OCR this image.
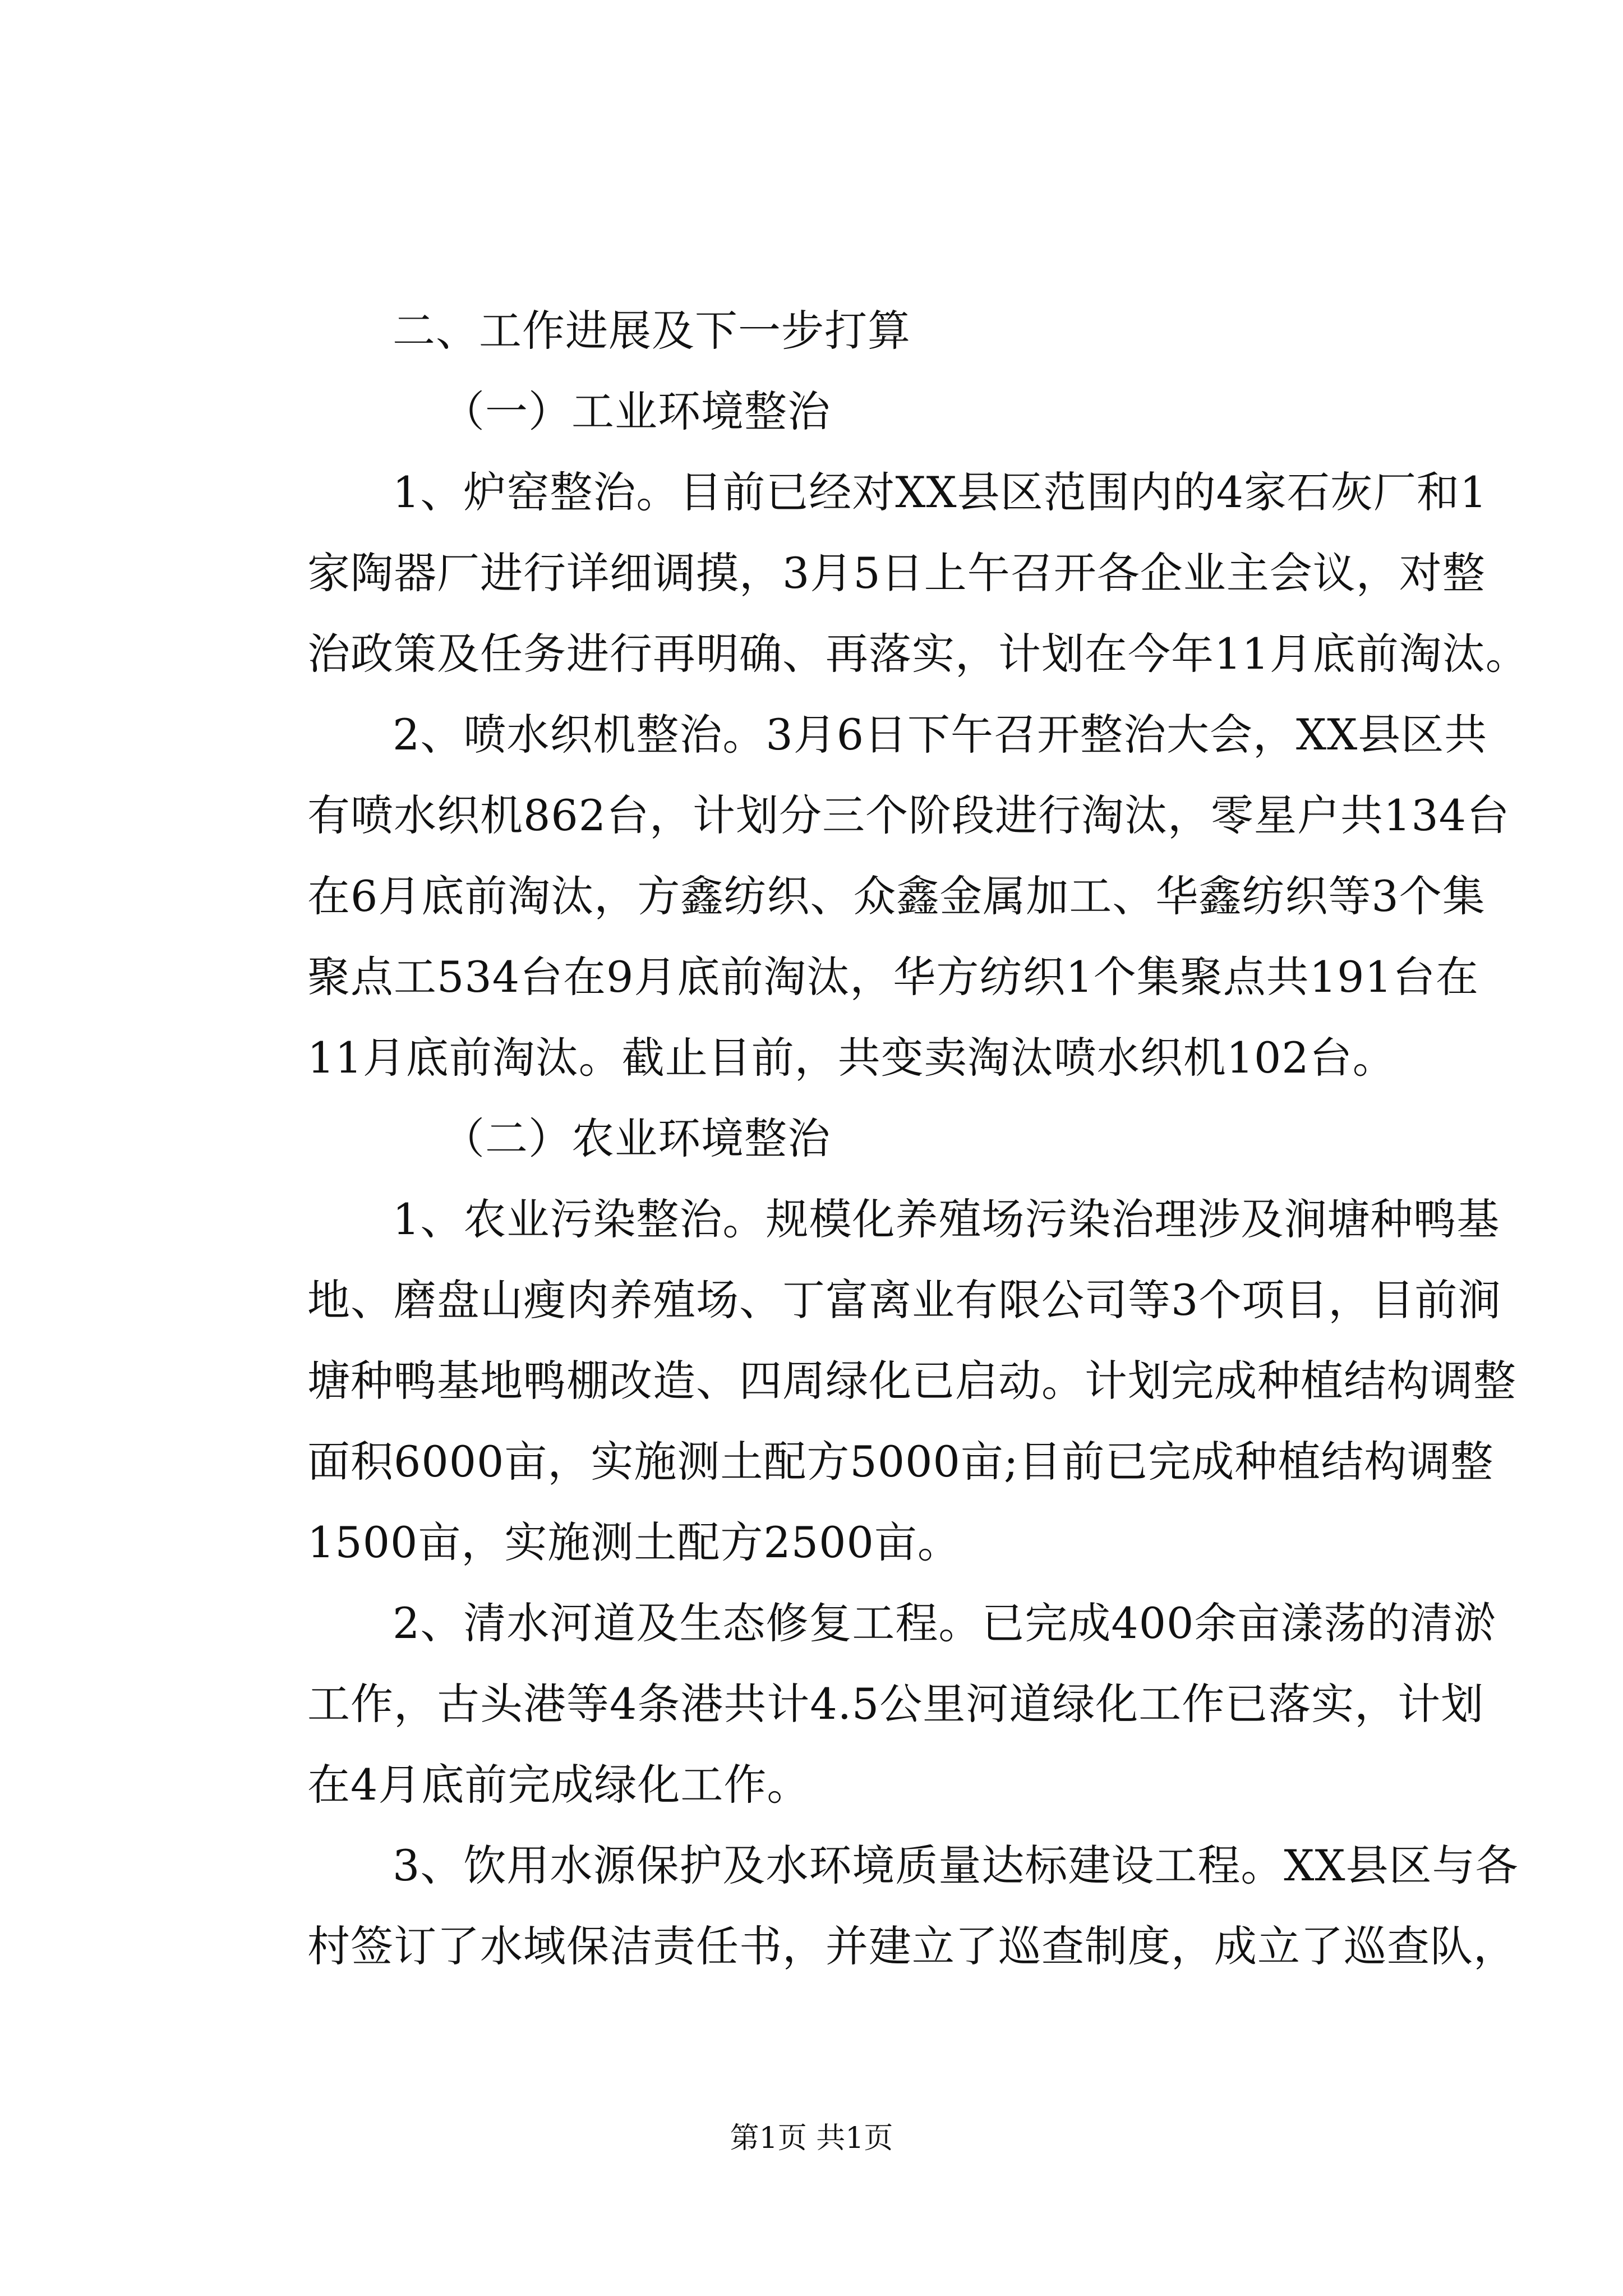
二、工作进展及下一步打算
（一）工业环境整治
1、炉窑整治。目前已经对XX县区范围内的4家石灰厂和1
家陶器厂进行详细调摸，3月5日上午召开各企业主会议，对整
治政策及任务进行再明确、再落实，计划在今年11月底前淘汰。
2、喷水织机整治。3月6日下午召开整治大会，XX县区共
有喷水织机862台，计划分三个阶段进行淘汰，零星户共134台
在6月底前淘汰，方鑫纺织、众鑫金属加工、华鑫纺织等3个集
聚点工534台在9月底前淘汰，华方纺织1个集聚点共191台在
11月底前淘汰。截止目前，共变卖淘汰喷水织机102台。
（二）农业环境整治
1、农业污染整治。规模化养殖场污染治理涉及涧塘种鸭基
地、磨盘山瘦肉养殖场、丁富离业有限公司等3个项目，目前涧
塘种鸭基地鸭棚改造、四周绿化已启动。计划完成种植结构调整
面积6000亩，实施测土配方5000亩;目前已完成种植结构调整
1500亩，实施测土配方2500亩。
2、清水河道及生态修复工程。已完成400余亩漾荡的清淤
工作，古头港等4条港共计4.5公里河道绿化工作已落实，计划
在4月底前完成绿化工作。
3、饮用水源保护及水环境质量达标建设工程。XX县区与各
村签订了水域保洁责任书，并建立了巡查制度，成立了巡查队，
第1页 共1页
